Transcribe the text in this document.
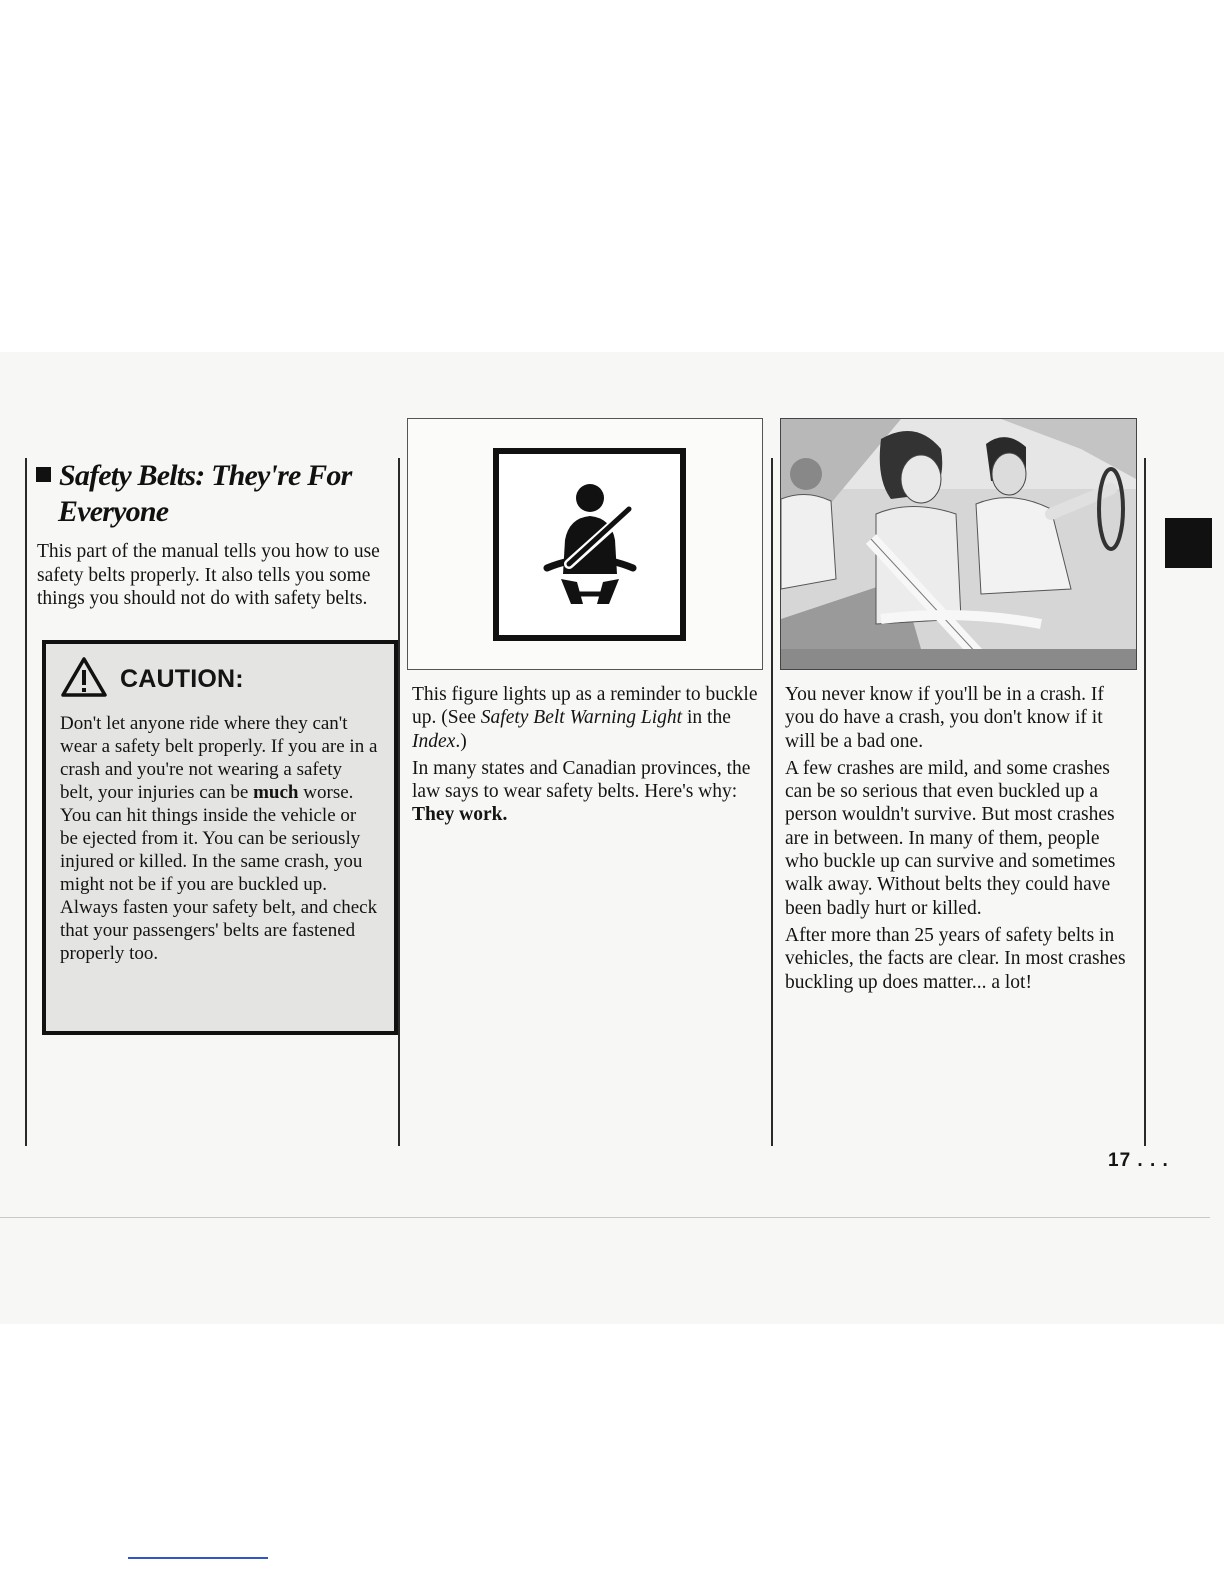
Safety Belts: They're For
Everyone

This part of the manual tells you how to use safety belts properly. It also tells you some things you should not do with safety belts.

CAUTION:

Don't let anyone ride where they can't wear a safety belt properly. If you are in a crash and you're not wearing a safety belt, your injuries can be much worse. You can hit things inside the vehicle or be ejected from it. You can be seriously injured or killed. In the same crash, you might not be if you are buckled up. Always fasten your safety belt, and check that your passengers' belts are fastened properly too.

This figure lights up as a reminder to buckle up. (See Safety Belt Warning Light in the Index.)

In many states and Canadian provinces, the law says to wear safety belts. Here's why: They work.

You never know if you'll be in a crash. If you do have a crash, you don't know if it will be a bad one.

A few crashes are mild, and some crashes can be so serious that even buckled up a person wouldn't survive. But most crashes are in between. In many of them, people who buckle up can survive and sometimes walk away. Without belts they could have been badly hurt or killed.

After more than 25 years of safety belts in vehicles, the facts are clear. In most crashes buckling up does matter... a lot!

17 . . .
